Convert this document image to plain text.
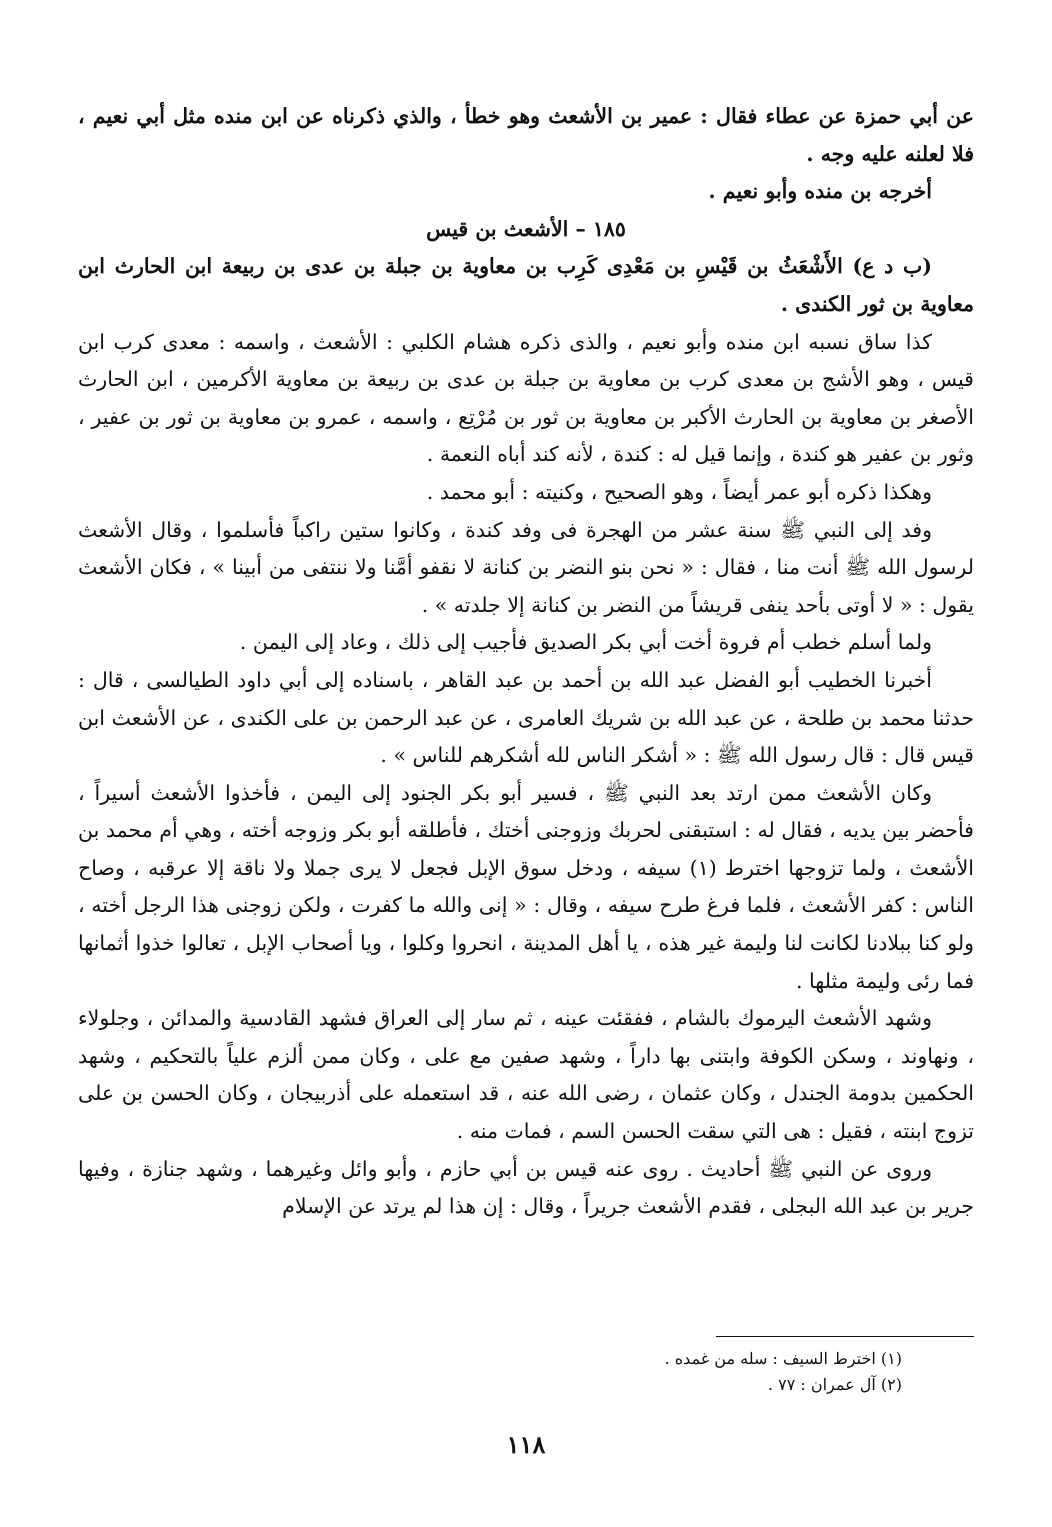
عن أبي حمزة عن عطاء فقال : عمير بن الأشعث وهو خطأ ، والذي ذكرناه عن ابن منده مثل أبي نعيم ، فلا لعلنه عليه وجه .

أخرجه بن منده وأبو نعيم .

١٨٥ – الأشعث بن قيس

(ب د ع) الأَشْعَثُ بن قَيْسِ بن مَعْدِى كَرِب بن معاوية بن جبلة بن عدى بن ربيعة ابن الحارث ابن معاوية بن ثور الكندى .

كذا ساق نسبه ابن منده وأبو نعيم ، والذى ذكره هشام الكلبي : الأشعث ، واسمه : معدى كرب ابن قيس ، وهو الأشج بن معدى كرب بن معاوية بن جبلة بن عدى بن ربيعة بن معاوية الأكرمين ، ابن الحارث الأصغر بن معاوية بن الحارث الأكبر بن معاوية بن ثور بن مُرْتِع ، واسمه ، عمرو بن معاوية بن ثور بن عفير ، وثور بن عفير هو كندة ، وإنما قيل له : كندة ، لأنه كند أباه النعمة .

وهكذا ذكره أبو عمر أيضاً ، وهو الصحيح ، وكنيته : أبو محمد .

وفد إلى النبي ﷺ سنة عشر من الهجرة فى وفد كندة ، وكانوا ستين راكباً فأسلموا ، وقال الأشعث لرسول الله ﷺ أنت منا ، فقال : « نحن بنو النضر بن كنانة لا نقفو أمَّنا ولا ننتفى من أبينا » ، فكان الأشعث يقول : « لا أوتى بأحد ينفى قريشاً من النضر بن كنانة إلا جلدته » .

ولما أسلم خطب أم فروة أخت أبي بكر الصديق فأجيب إلى ذلك ، وعاد إلى اليمن .

أخبرنا الخطيب أبو الفضل عبد الله بن أحمد بن عبد القاهر ، باسناده إلى أبي داود الطيالسى ، قال : حدثنا محمد بن طلحة ، عن عبد الله بن شريك العامرى ، عن عبد الرحمن بن على الكندى ، عن الأشعث ابن قيس قال : قال رسول الله ﷺ : « أشكر الناس لله أشكرهم للناس » .

وكان الأشعث ممن ارتد بعد النبي ﷺ ، فسير أبو بكر الجنود إلى اليمن ، فأخذوا الأشعث أسيراً ، فأحضر بين يديه ، فقال له : استبقنى لحربك وزوجنى أختك ، فأطلقه أبو بكر وزوجه أخته ، وهي أم محمد بن الأشعث ، ولما تزوجها اخترط (١) سيفه ، ودخل سوق الإبل فجعل لا يرى جملا ولا ناقة إلا عرقبه ، وصاح الناس : كفر الأشعث ، فلما فرغ طرح سيفه ، وقال : « إنى والله ما كفرت ، ولكن زوجنى هذا الرجل أخته ، ولو كنا ببلادنا لكانت لنا وليمة غير هذه ، يا أهل المدينة ، انحروا وكلوا ، ويا أصحاب الإبل ، تعالوا خذوا أثمانها فما رئى وليمة مثلها .

وشهد الأشعث اليرموك بالشام ، ففقئت عينه ، ثم سار إلى العراق فشهد القادسية والمدائن ، وجلولاء ، ونهاوند ، وسكن الكوفة وابتنى بها داراً ، وشهد صفين مع على ، وكان ممن ألزم علياً بالتحكيم ، وشهد الحكمين بدومة الجندل ، وكان عثمان ، رضى الله عنه ، قد استعمله على أذربيجان ، وكان الحسن بن على تزوج ابنته ، فقيل : هى التي سقت الحسن السم ، فمات منه .

وروى عن النبي ﷺ أحاديث . روى عنه قيس بن أبي حازم ، وأبو وائل وغيرهما ، وشهد جنازة ، وفيها جرير بن عبد الله البجلى ، فقدم الأشعث جريراً ، وقال : إن هذا لم يرتد عن الإسلام

(١) اخترط السيف : سله من غمده .

(٢) آل عمران : ٧٧ .

١١٨
